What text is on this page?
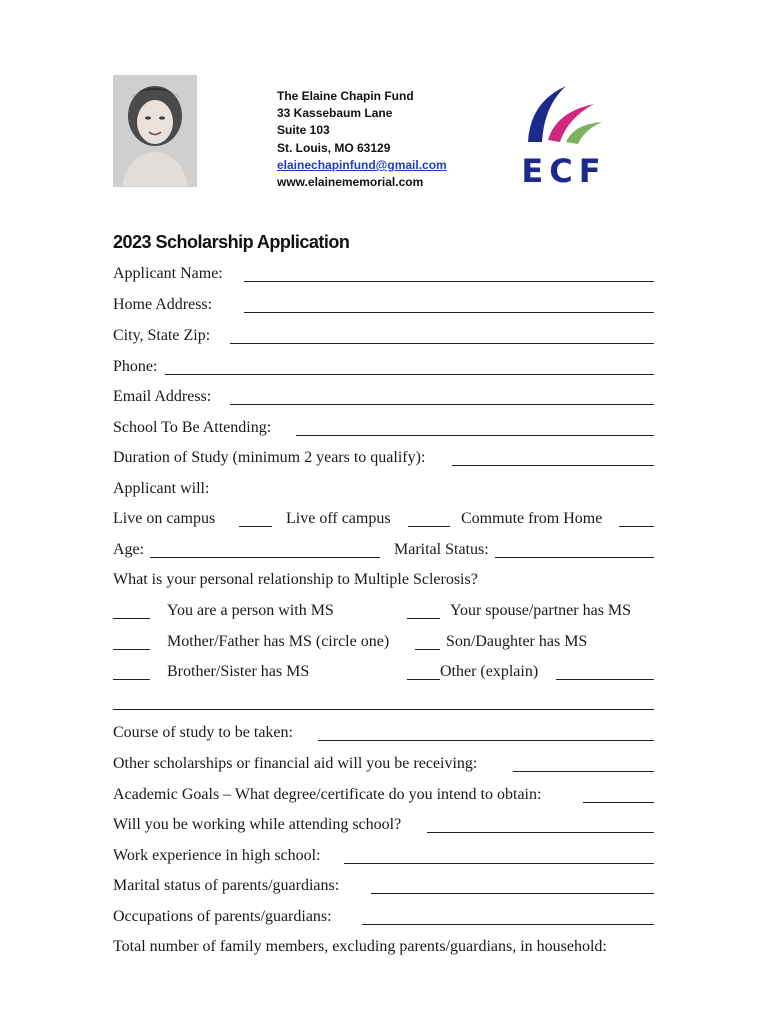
The Elaine Chapin Fund
33 Kassebaum Lane
Suite 103
St. Louis, MO 63129
elainechapinfund@gmail.com
www.elainememorial.com	ECF
2023 Scholarship Application
Applicant Name:
Home Address:
City, State Zip:
Phone:
Email Address:
School To Be Attending:
Duration of Study (minimum 2 years to qualify):
Applicant will:
Live on campus	Live off campus	Commute from Home
Age:	Marital Status:
What is your personal relationship to Multiple Sclerosis?
You are a person with MS	Your spouse/partner has MS
Mother/Father has MS (circle one)	Son/Daughter has MS
Brother/Sister has MS	Other (explain)
Course of study to be taken:
Other scholarships or financial aid will you be receiving:
Academic Goals – What degree/certificate do you intend to obtain:
Will you be working while attending school?
Work experience in high school:
Marital status of parents/guardians:
Occupations of parents/guardians:
Total number of family members, excluding parents/guardians, in household:
